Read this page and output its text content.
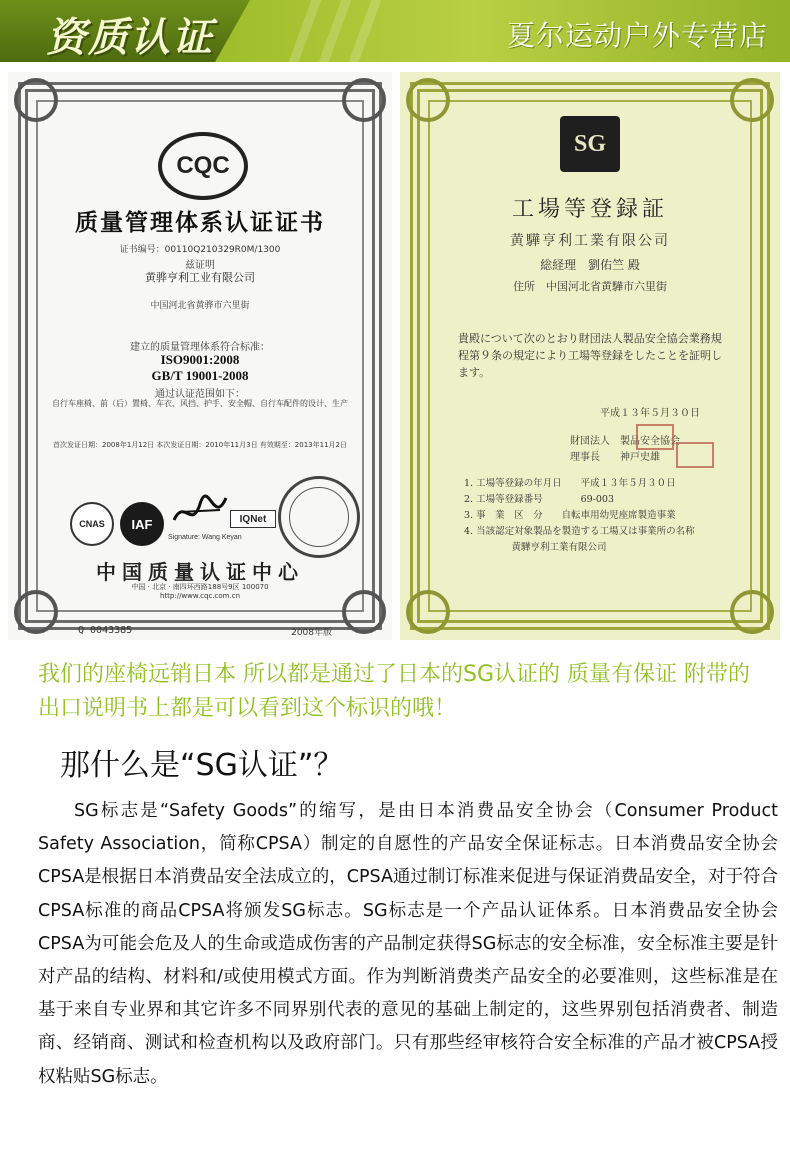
资质认证	夏尔运动户外专营店
CQC
质量管理体系认证证书
证书编号：00110Q210329R0M/1300
兹证明
黄骅亨利工业有限公司
中国河北省黄骅市六里街
建立的质量管理体系符合标准：
ISO9001:2008
GB/T 19001-2008
通过认证范围如下：
自行车座椅、前（后）置椅、车衣、风挡、护手、安全帽、自行车配件的设计、生产
首次发证日期：2008年1月12日 本次发证日期：2010年11月3日 有效期至：2013年11月2日
CNAS	IAF	IQNet
Signature: Wang Keyan
中国质量认证中心
中国 · 北京 · 南四环西路188号9区 100070
http://www.cqc.com.cn
Q 0043385	2008年版
SG
工場等登録証
黄驊亨利工業有限公司
総経理　劉佑竺 殿
住所　中国河北省黄驊市六里街
貴殿について次のとおり財団法人製品安全協会業務規程第９条の規定により工場等登録をしたことを証明します。
平成１３年５月３０日
財団法人　製品安全協会
理事長　　神戸史雄
1. 工場等登録の年月日　　平成１３年５月３０日
2. 工場等登録番号　　　　69-003
3. 事　業　区　分　　自転車用幼児座席製造事業
4. 当該認定対象製品を製造する工場又は事業所の名称
　　　　　黄驊亨利工業有限公司
我们的座椅远销日本 所以都是通过了日本的SG认证的 质量有保证 附带的出口说明书上都是可以看到这个标识的哦！
那什么是“SG认证”？
SG标志是“Safety Goods”的缩写，是由日本消费品安全协会（Consumer Product Safety Association，简称CPSA）制定的自愿性的产品安全保证标志。日本消费品安全协会CPSA是根据日本消费品安全法成立的，CPSA通过制订标准来促进与保证消费品安全，对于符合CPSA标准的商品CPSA将颁发SG标志。SG标志是一个产品认证体系。日本消费品安全协会CPSA为可能会危及人的生命或造成伤害的产品制定获得SG标志的安全标准，安全标准主要是针对产品的结构、材料和/或使用模式方面。作为判断消费类产品安全的必要准则，这些标准是在基于来自专业界和其它许多不同界别代表的意见的基础上制定的，这些界别包括消费者、制造商、经销商、测试和检查机构以及政府部门。只有那些经审核符合安全标准的产品才被CPSA授权粘贴SG标志。
